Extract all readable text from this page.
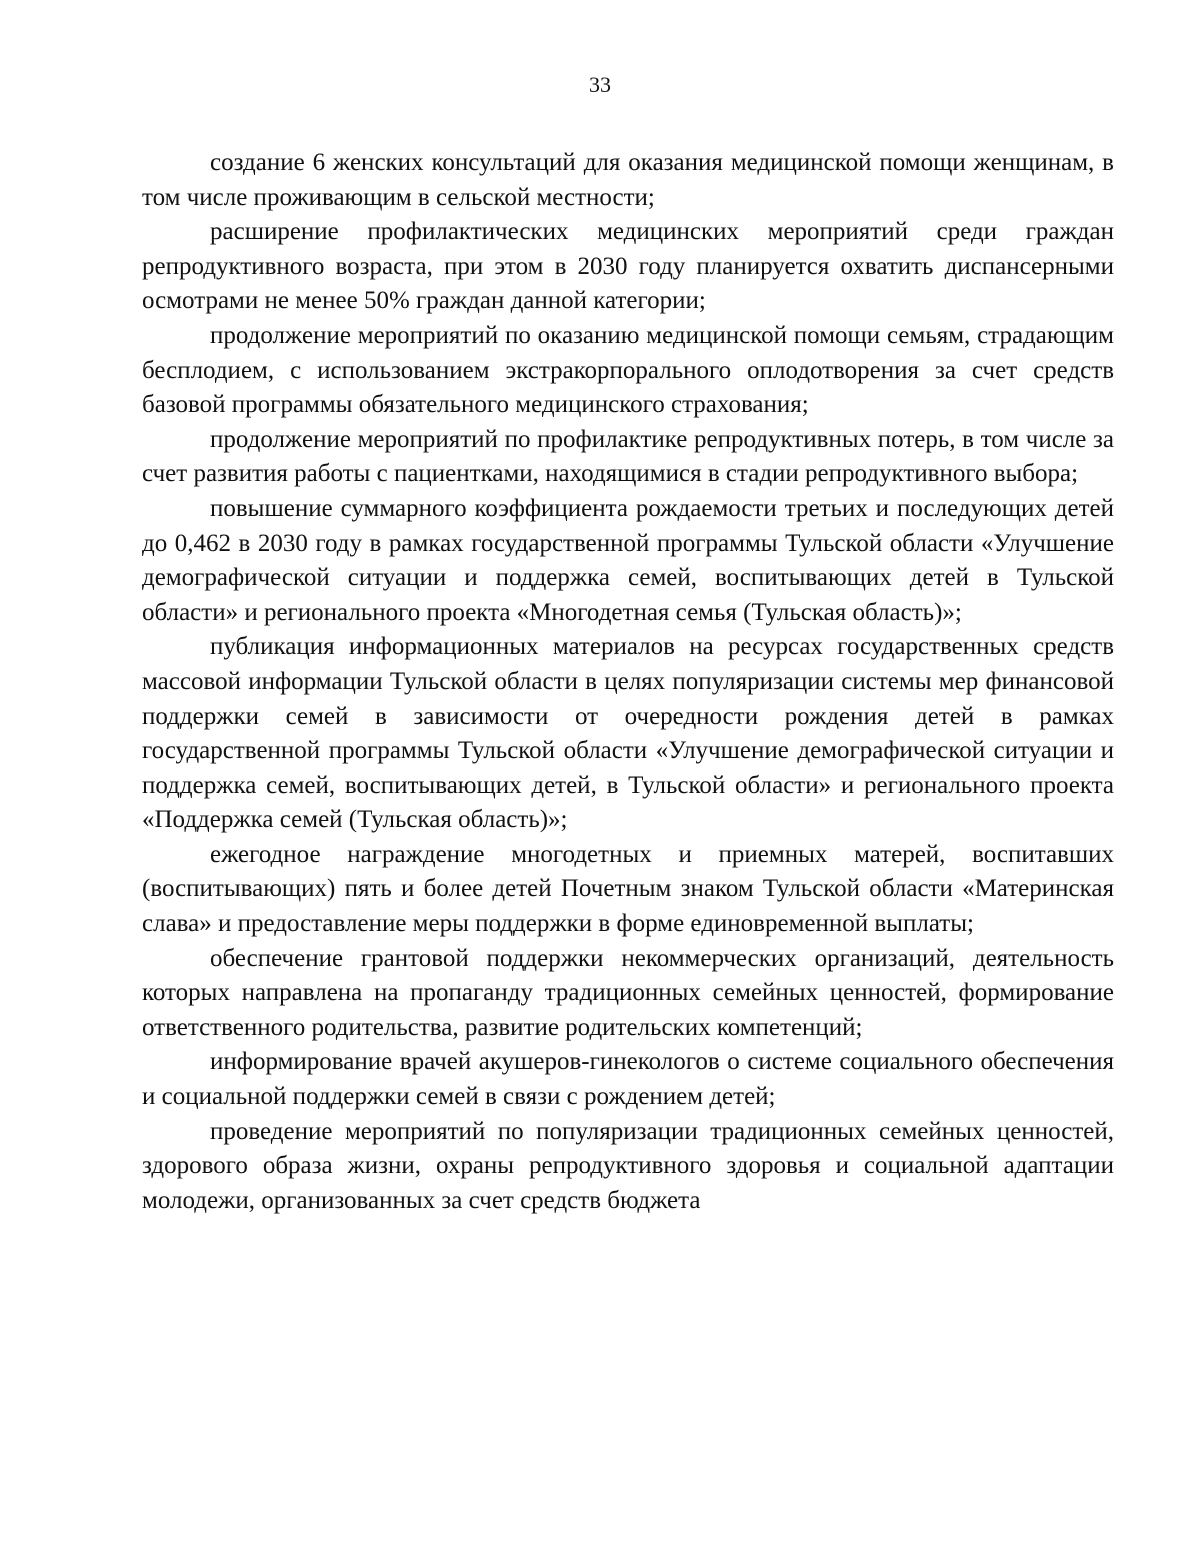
33

создание 6 женских консультаций для оказания медицинской помощи женщинам, в том числе проживающим в сельской местности;

расширение профилактических медицинских мероприятий среди граждан репродуктивного возраста, при этом в 2030 году планируется охватить диспансерными осмотрами не менее 50% граждан данной категории;

продолжение мероприятий по оказанию медицинской помощи семьям, страдающим бесплодием, с использованием экстракорпорального оплодотворения за счет средств базовой программы обязательного медицинского страхования;

продолжение мероприятий по профилактике репродуктивных потерь, в том числе за счет развития работы с пациентками, находящимися в стадии репродуктивного выбора;

повышение суммарного коэффициента рождаемости третьих и последующих детей до 0,462 в 2030 году в рамках государственной программы Тульской области «Улучшение демографической ситуации и поддержка семей, воспитывающих детей в Тульской области» и регионального проекта «Многодетная семья (Тульская область)»;

публикация информационных материалов на ресурсах государственных средств массовой информации Тульской области в целях популяризации системы мер финансовой поддержки семей в зависимости от очередности рождения детей в рамках государственной программы Тульской области «Улучшение демографической ситуации и поддержка семей, воспитывающих детей, в Тульской области» и регионального проекта «Поддержка семей (Тульская область)»;

ежегодное награждение многодетных и приемных матерей, воспитавших (воспитывающих) пять и более детей Почетным знаком Тульской области «Материнская слава» и предоставление меры поддержки в форме единовременной выплаты;

обеспечение грантовой поддержки некоммерческих организаций, деятельность которых направлена на пропаганду традиционных семейных ценностей, формирование ответственного родительства, развитие родительских компетенций;

информирование врачей акушеров-гинекологов о системе социального обеспечения и социальной поддержки семей в связи с рождением детей;

проведение мероприятий по популяризации традиционных семейных ценностей, здорового образа жизни, охраны репродуктивного здоровья и социальной адаптации молодежи, организованных за счет средств бюджета
